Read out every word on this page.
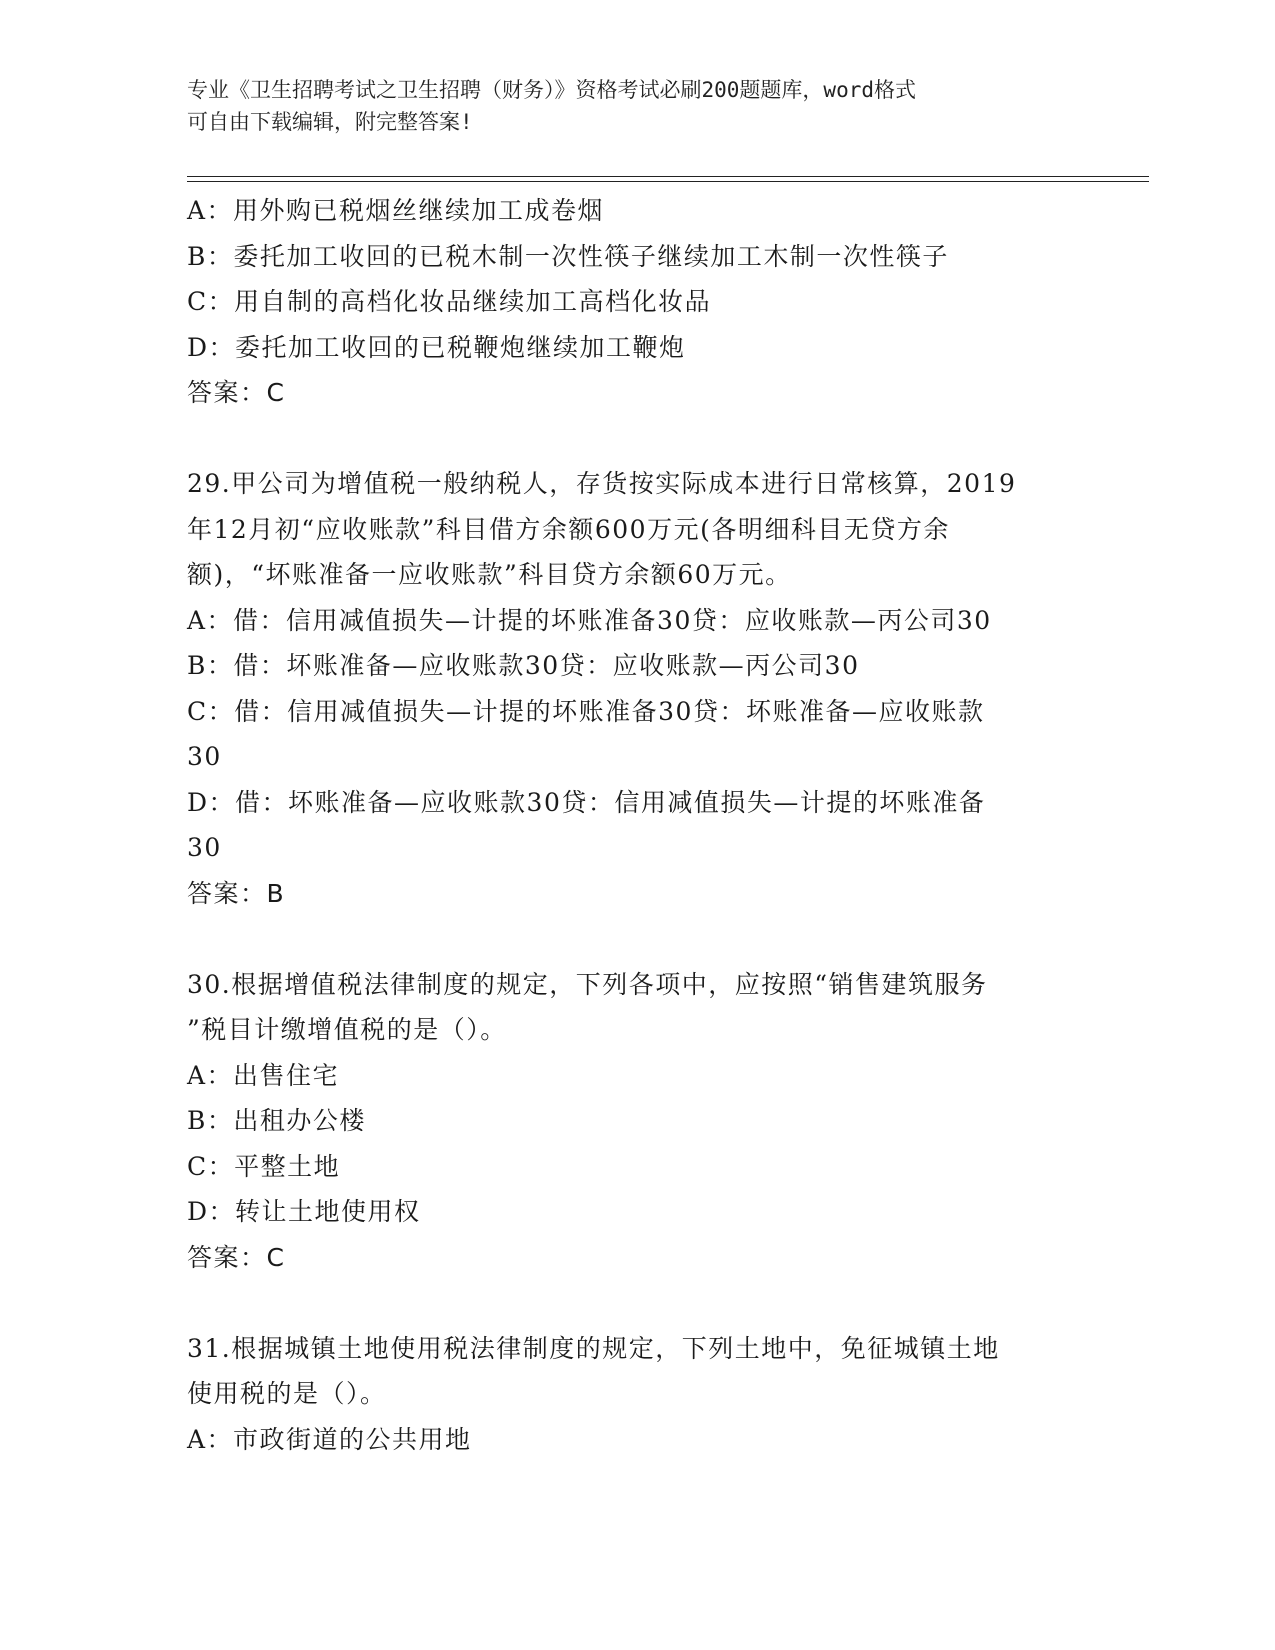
专业《卫生招聘考试之卫生招聘（财务）》资格考试必刷200题题库，word格式
可自由下载编辑，附完整答案!
A：用外购已税烟丝继续加工成卷烟
B：委托加工收回的已税木制一次性筷子继续加工木制一次性筷子
C：用自制的高档化妆品继续加工高档化妆品
D：委托加工收回的已税鞭炮继续加工鞭炮
答案：C
29.甲公司为增值税一般纳税人，存货按实际成本进行日常核算，2019
年12月初“应收账款”科目借方余额600万元(各明细科目无贷方余
额)，“坏账准备一应收账款”科目贷方余额60万元。
A：借：信用减值损失—计提的坏账准备30贷：应收账款—丙公司30
B：借：坏账准备—应收账款30贷：应收账款—丙公司30
C：借：信用减值损失—计提的坏账准备30贷：坏账准备—应收账款
30
D：借：坏账准备—应收账款30贷：信用减值损失—计提的坏账准备
30
答案：B
30.根据增值税法律制度的规定，下列各项中，应按照“销售建筑服务
”税目计缴增值税的是（）。
A：出售住宅
B：出租办公楼
C：平整土地
D：转让土地使用权
答案：C
31.根据城镇土地使用税法律制度的规定，下列土地中，免征城镇土地
使用税的是（）。
A：市政街道的公共用地
